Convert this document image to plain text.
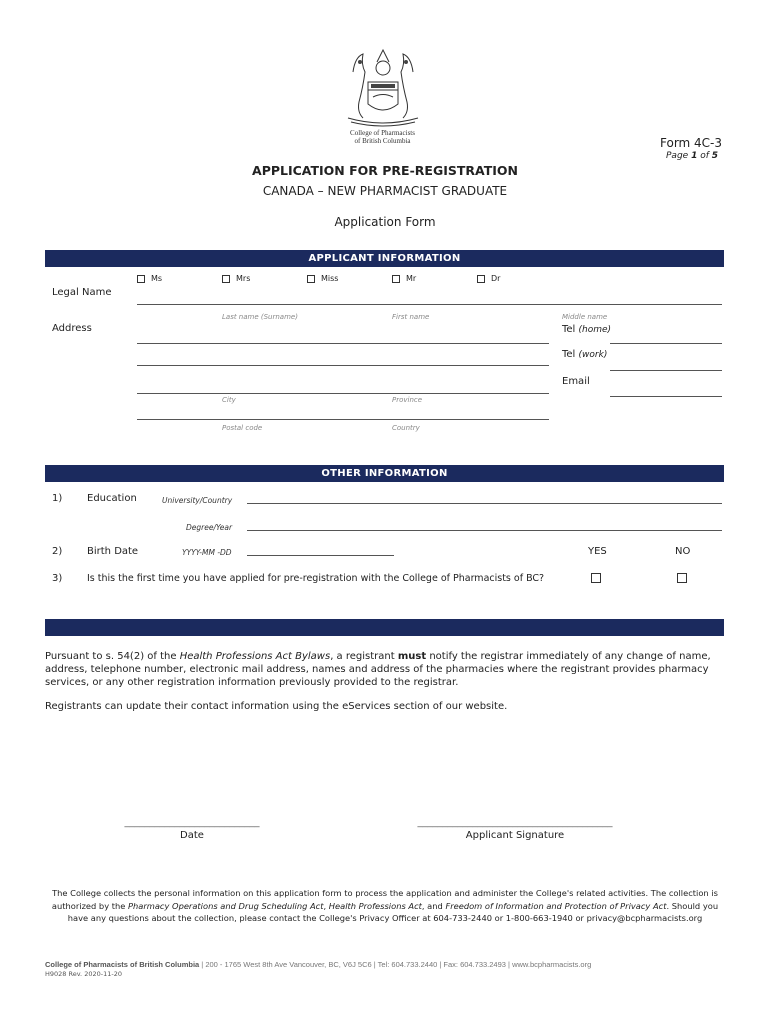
College of Pharmacists
of British Columbia	Form 4C-3
Page 1 of 5
APPLICATION FOR PRE-REGISTRATION
CANADA – NEW PHARMACIST GRADUATE
Application Form
APPLICANT INFORMATION
Ms	Mrs	Miss	Mr	Dr
Legal Name
Last name (Surname)	First name	Middle name
Address
City	Province
Postal code	Country
Tel (home)
Tel (work)
Email
OTHER INFORMATION
1) Education	University/Country
Degree/Year
2) Birth Date	YYYY-MM -DD	YES	NO
3)	Is this the first time you have applied for pre-registration with the College of Pharmacists of BC?
Pursuant to s. 54(2) of the Health Professions Act Bylaws, a registrant must notify the registrar immediately of any change of name, address, telephone number, electronic mail address, names and address of the pharmacies where the registrant provides pharmacy services, or any other registration information previously provided to the registrar.
Registrants can update their contact information using the eServices section of our website.
___________________________
Date
_______________________________________
Applicant Signature
The College collects the personal information on this application form to process the application and administer the College's related activities. The collection is authorized by the Pharmacy Operations and Drug Scheduling Act, Health Professions Act, and Freedom of Information and Protection of Privacy Act. Should you have any questions about the collection, please contact the College's Privacy Officer at 604-733-2440 or 1-800-663-1940 or privacy@bcpharmacists.org
College of Pharmacists of British Columbia | 200 - 1765 West 8th Ave Vancouver, BC, V6J 5C6 | Tel: 604.733.2440 | Fax: 604.733.2493 | www.bcpharmacists.org
H9028 Rev. 2020-11-20
